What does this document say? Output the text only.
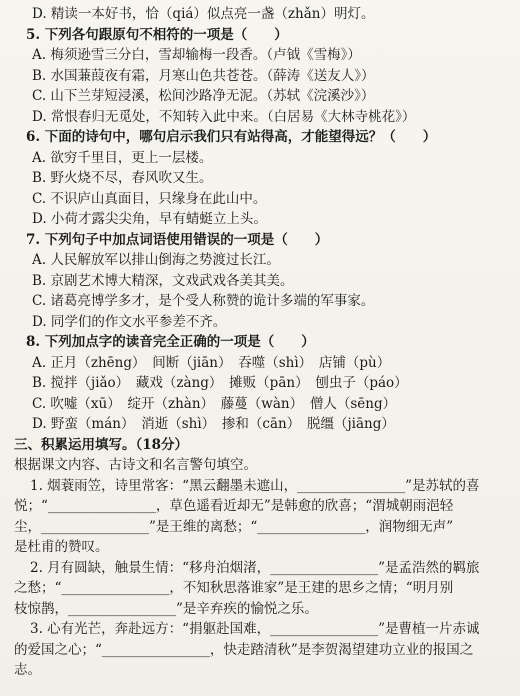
D. 精读一本好书，恰（qiá）似点亮一盏（zhǎn）明灯。
5. 下列各句跟原句不相符的一项是（　　）
A. 梅须逊雪三分白，雪却输梅一段香。（卢钺《雪梅》）
B. 水国蒹葭夜有霜，月寒山色共苍苍。（薛涛《送友人》）
C. 山下兰芽短浸溪，松间沙路净无泥。（苏轼《浣溪沙》）
D. 常恨春归无觅处，不知转入此中来。（白居易《大林寺桃花》）
6. 下面的诗句中，哪句启示我们只有站得高，才能望得远？（　　）
A. 欲穷千里目，更上一层楼。
B. 野火烧不尽，春风吹又生。
C. 不识庐山真面目，只缘身在此山中。
D. 小荷才露尖尖角，早有蜻蜓立上头。
7. 下列句子中加点词语使用错误的一项是（　　）
A. 人民解放军以排山倒海之势渡过长江。
B. 京剧艺术博大精深，文戏武戏各美其美。
C. 诸葛亮博学多才，是个受人称赞的诡计多端的军事家。
D. 同学们的作文水平参差不齐。
8. 下列加点字的读音完全正确的一项是（　　）
A. 正月（zhēng）　间断（jiān）　吞噬（shì）　店铺（pù）
B. 搅拌（jiǎo）　藏戏（zàng）　摊贩（pān）　刨虫子（páo）
C. 吹嘘（xū）　绽开（zhàn）　藤蔓（wàn）　僧人（sēng）
D. 野蛮（mán）　消逝（shì）　掺和（cān）　脱缰（jiāng）
三、积累运用填写。（18分）
根据课文内容、古诗文和名言警句填空。
1. 烟蓑雨笠，诗里常客：“黑云翻墨未遮山，________________”是苏轼的喜
悦；“________________，草色遥看近却无”是韩愈的欣喜；“渭城朝雨浥轻
尘，________________”是王维的离愁；“________________，润物细无声”
是杜甫的赞叹。
2. 月有圆缺，触景生情：“移舟泊烟渚，________________”是孟浩然的羁旅
之愁；“________________，不知秋思落谁家”是王建的思乡之情；“明月别
枝惊鹊，________________”是辛弃疾的愉悦之乐。
3. 心有光芒，奔赴远方：“捐躯赴国难，________________”是曹植一片赤诚
的爱国之心；“________________，快走踏清秋”是李贺渴望建功立业的报国之
志。
